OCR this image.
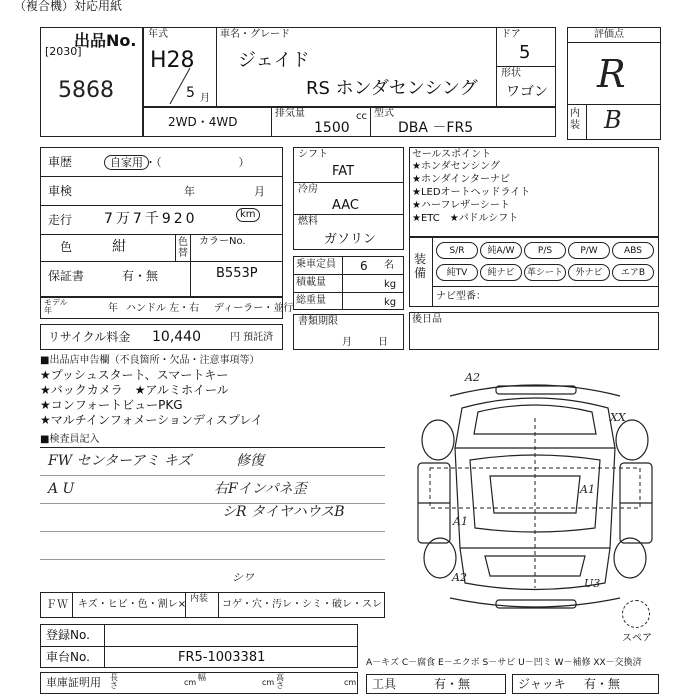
（複合機）対応用紙
出品No.
[2030]
5868
年式
H28
5 月
車名・グレード
ジェイド
RS ホンダセンシング
ドア
5
形状
ワゴン
評価点
R
内装 B
2WD・4WD
排気量
1500
cc 型式
DBA －FR5
車歴	自家用 ・（　　　　　　　）
車検	年	月
走行 7万7千920	km
色	紺	色替
カラーNo.
B553P
保証書	有・無
モデル年	年 ハンドル 左・右 ディーラー・並行
リサイクル料金 10,440	円 預託済
シフト
FAT
冷房
AAC
燃料
ガソリン
乗車定員 6 名
積載量	kg
総重量	kg
書類期限
月	日
セールスポイント
★ホンダセンシング
★ホンダインターナビ
★LEDオートヘッドライト
★ハーフレザーシート
★ETC　★パドルシフト
装備
S/R	純A/W	P/S	P/W	ABS
純TV	純ナビ	革シート	外ナビ	エアB
ナビ型番：
後日品
■出品店申告欄（不良箇所・欠品・注意事項等）
★プッシュスタート、スマートキー
★バックカメラ　★アルミホイール
★コンフォートビューPKG
★マルチインフォメーションディスプレイ
■検査員記入
FW センターアミ キズ	修復
A U	右Fインパネ歪
シR タイヤハウスB
シワ
ＦＷ キズ・ヒビ・色・割レ× 内装	コゲ・穴・汚レ・シミ・破レ・スレ
登録No.
車台No.	FR5-1003381
車庫証明用 長さ	cm
幅
cm
高さ	cm
A2
XX
A1
A1
A2	U3
スペア
A－キズ C－腐食 E－エクボ S－サビ U－凹ミ W－補修 XX－交換済
工具	有・無	ジャッキ 有・無
